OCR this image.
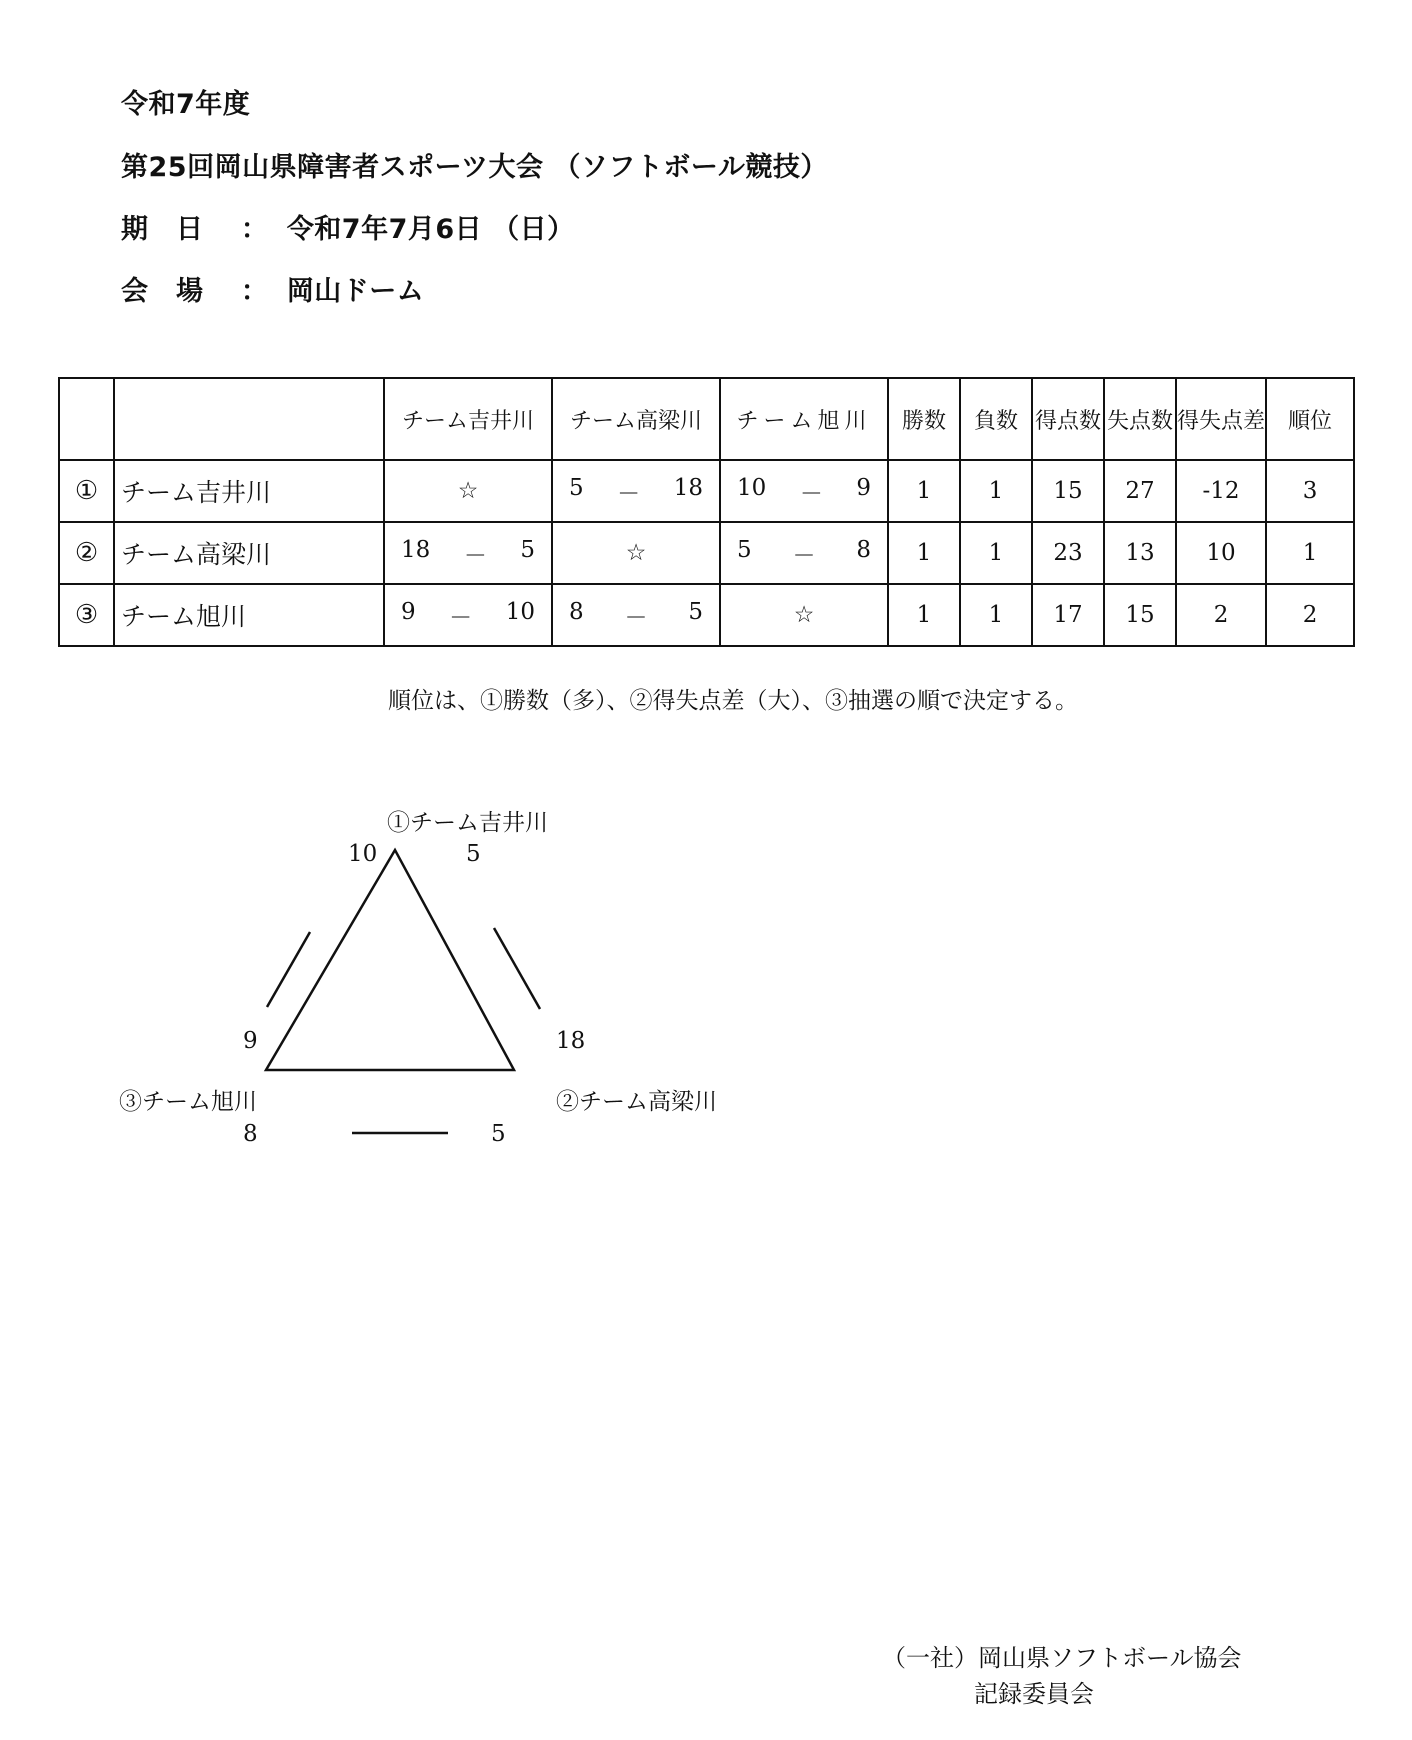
令和7年度
第25回岡山県障害者スポーツ大会 （ソフトボール競技）
期　日 ： 令和7年7月6日 （日）
会　場 ： 岡山ドーム
		チーム吉井川	チーム高梁川	チーム旭川	勝数	負数	得点数	失点数	得失点差	順位
①	チーム吉井川	☆	5 － 18	10 － 9	1	1	15	27	-12	3
②	チーム高梁川	18 － 5	☆	5 － 8	1	1	23	13	10	1
③	チーム旭川	9 － 10	8 － 5	☆	1	1	17	15	2	2
順位は、①勝数（多）、②得失点差（大）、③抽選の順で決定する。
①チーム吉井川
10	5
9	18
③チーム旭川	②チーム高梁川
8	5
（一社）岡山県ソフトボール協会
記録委員会
